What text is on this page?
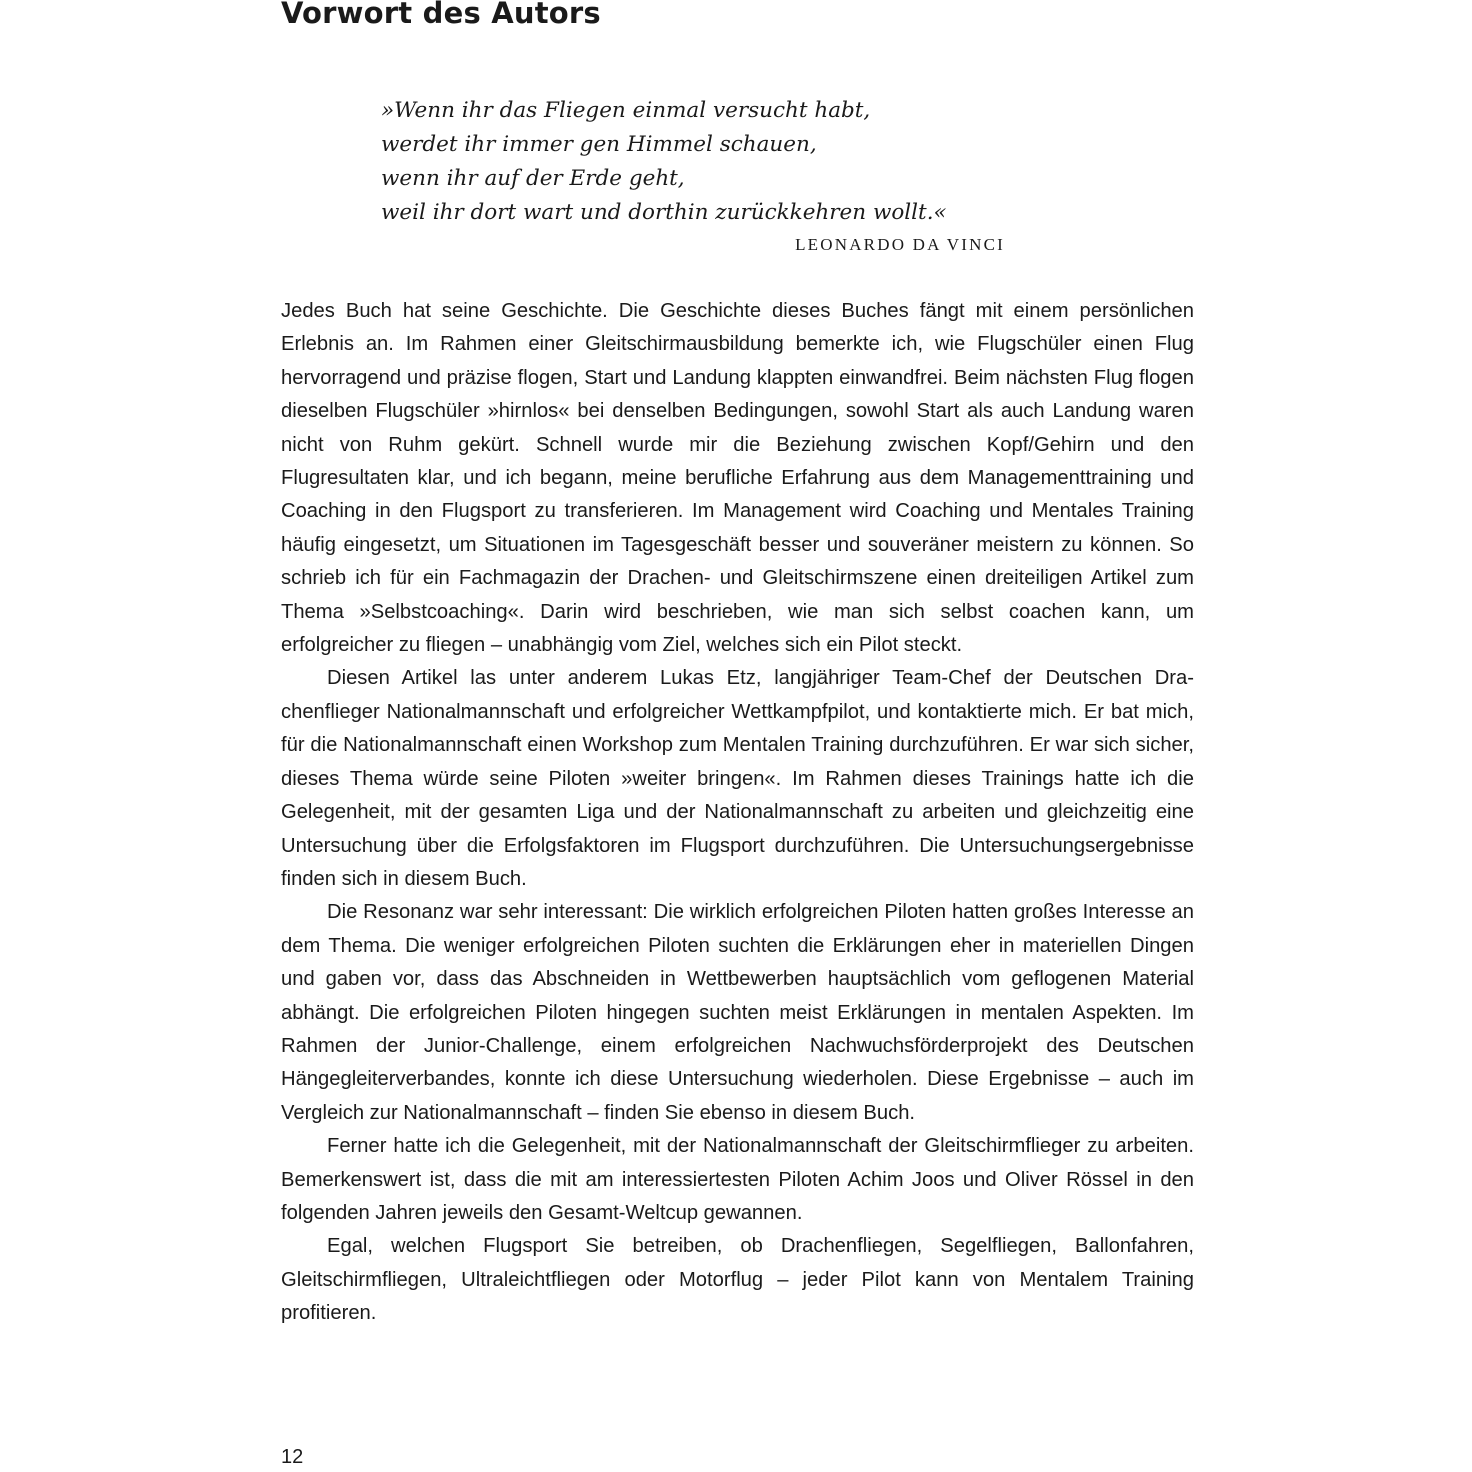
Vorwort des Autors
»Wenn ihr das Fliegen einmal versucht habt,
werdet ihr immer gen Himmel schauen,
wenn ihr auf der Erde geht,
weil ihr dort wart und dorthin zurückkehren wollt.«
LEONARDO DA VINCI

Jedes Buch hat seine Geschichte. Die Geschichte dieses Buches fängt mit einem persönlichen Erlebnis an. Im Rahmen einer Gleitschirmausbildung bemerkte ich, wie Flugschüler einen Flug hervorragend und präzise flogen, Start und Landung klappten einwandfrei. Beim nächsten Flug flogen dieselben Flugschüler »hirnlos« bei denselben Bedingungen, sowohl Start als auch Landung waren nicht von Ruhm gekürt. Schnell wurde mir die Beziehung zwischen Kopf/Gehirn und den Flugresultaten klar, und ich begann, meine berufliche Erfahrung aus dem Managementtraining und Coaching in den Flugsport zu transferieren. Im Management wird Coaching und Mentales Training häufig eingesetzt, um Situationen im Tagesgeschäft besser und souveräner meistern zu können. So schrieb ich für ein Fachmagazin der Drachen- und Gleitschirmszene einen dreiteiligen Artikel zum Thema »Selbstcoaching«. Darin wird beschrieben, wie man sich selbst coachen kann, um erfolgreicher zu fliegen – unabhängig vom Ziel, welches sich ein Pilot steckt.

Diesen Artikel las unter anderem Lukas Etz, langjähriger Team-Chef der Deutschen Drachenflieger Nationalmannschaft und erfolgreicher Wettkampfpilot, und kontaktierte mich. Er bat mich, für die Nationalmannschaft einen Workshop zum Mentalen Training durchzuführen. Er war sich sicher, dieses Thema würde seine Piloten »weiter bringen«. Im Rahmen dieses Trainings hatte ich die Gelegenheit, mit der gesamten Liga und der Nationalmannschaft zu arbeiten und gleichzeitig eine Untersuchung über die Erfolgsfaktoren im Flugsport durchzuführen. Die Untersuchungsergebnisse finden sich in diesem Buch.

Die Resonanz war sehr interessant: Die wirklich erfolgreichen Piloten hatten großes Interesse an dem Thema. Die weniger erfolgreichen Piloten suchten die Erklärungen eher in materiellen Dingen und gaben vor, dass das Abschneiden in Wettbewerben hauptsächlich vom geflogenen Material abhängt. Die erfolgreichen Piloten hingegen suchten meist Erklärungen in mentalen Aspekten. Im Rahmen der Junior-Challenge, einem erfolgreichen Nachwuchsförderprojekt des Deutschen Hängegleiterverbandes, konnte ich diese Untersuchung wiederholen. Diese Ergebnisse – auch im Vergleich zur Nationalmannschaft – finden Sie ebenso in diesem Buch.

Ferner hatte ich die Gelegenheit, mit der Nationalmannschaft der Gleitschirmflieger zu arbeiten. Bemerkenswert ist, dass die mit am interessiertesten Piloten Achim Joos und Oliver Rössel in den folgenden Jahren jeweils den Gesamt-Weltcup gewannen.

Egal, welchen Flugsport Sie betreiben, ob Drachenfliegen, Segelfliegen, Ballonfahren, Gleitschirmfliegen, Ultraleichtfliegen oder Motorflug – jeder Pilot kann von Mentalem Training profitieren.

12
